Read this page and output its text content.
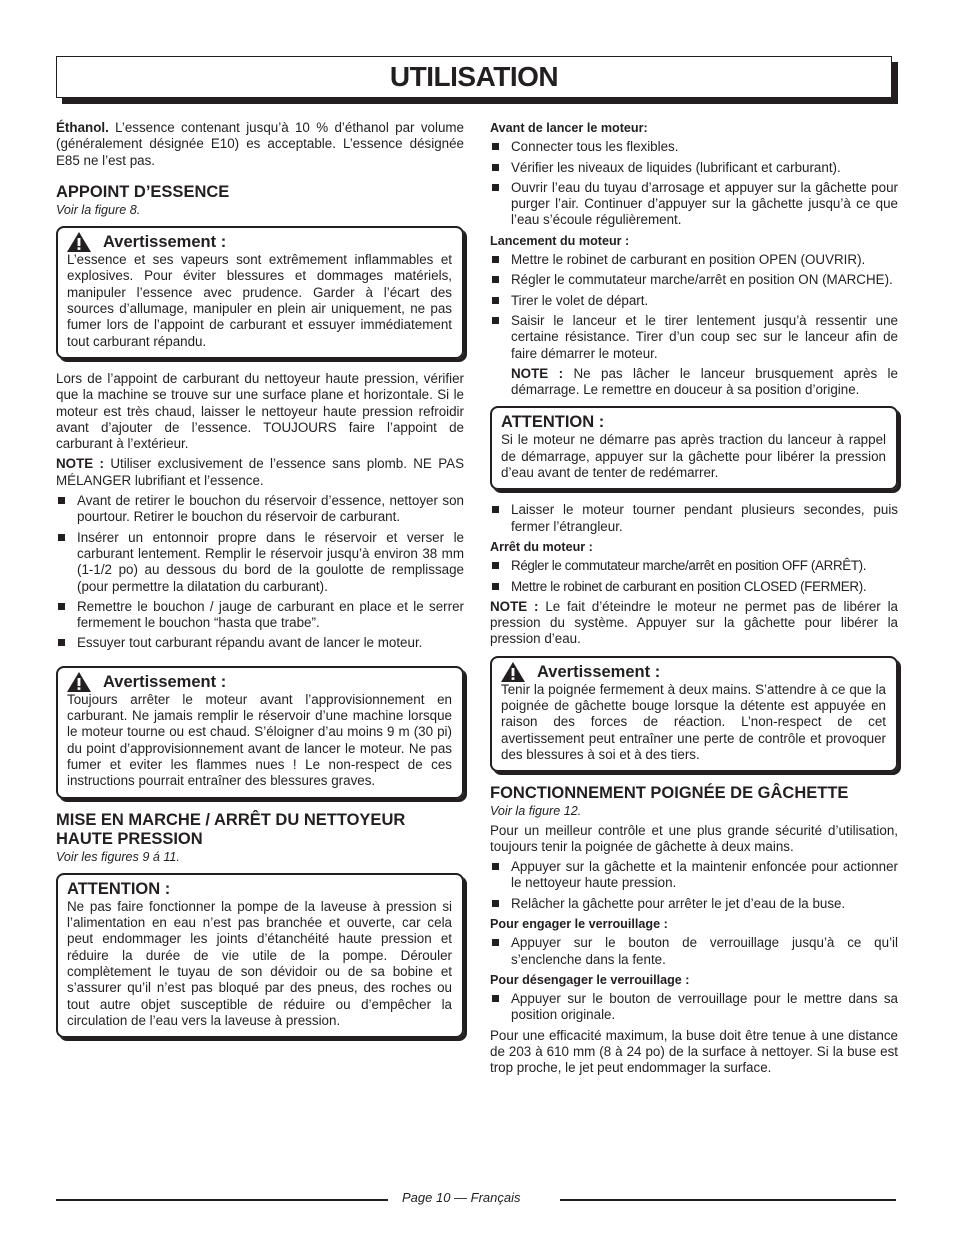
UTILISATION

Éthanol. L’essence contenant jusqu’à 10 % d’éthanol par volume (généralement désignée E10) es acceptable. L’essence désignée E85 ne l’est pas.

APPOINT D’ESSENCE

Voir la figure 8.

Avertissement :

L’essence et ses vapeurs sont extrêmement inflammables et explosives. Pour éviter blessures et dommages matériels, manipuler l’essence avec prudence. Garder à l’écart des sources d’allumage, manipuler en plein air uniquement, ne pas fumer lors de l’appoint de carburant et essuyer immédiatement tout carburant répandu.

Lors de l’appoint de carburant du nettoyeur haute pression, vérifier que la machine se trouve sur une surface plane et horizontale. Si le moteur est très chaud, laisser le nettoyeur haute pression refroidir avant d’ajouter de l’essence. TOUJOURS faire l’appoint de carburant à l’extérieur.

NOTE : Utiliser exclusivement de l’essence sans plomb. NE PAS MÉLANGER lubrifiant et l’essence.

Avant de retirer le bouchon du réservoir d’essence, nettoyer son pourtour. Retirer le bouchon du réservoir de carburant.
Insérer un entonnoir propre dans le réservoir et verser le carburant lentement. Remplir le réservoir jusqu’à environ 38 mm (1-1/2 po) au dessous du bord de la goulotte de remplissage (pour permettre la dilatation du carburant).
Remettre le bouchon / jauge de carburant en place et le serrer fermement le bouchon “hasta que trabe”.
Essuyer tout carburant répandu avant de lancer le moteur.
Avertissement :

Toujours arrêter le moteur avant l’approvisionnement en carburant. Ne jamais remplir le réservoir d’une machine lorsque le moteur tourne ou est chaud. S’éloigner d’au moins 9 m (30 pi) du point d’approvisionnement avant de lancer le moteur. Ne pas fumer et eviter les flammes nues ! Le non-respect de ces instructions pourrait entraîner des blessures graves.

MISE EN MARCHE / ARRÊT DU NETTOYEUR HAUTE PRESSION

Voir les figures 9 á 11.

ATTENTION :

Ne pas faire fonctionner la pompe de la laveuse à pression si l’alimentation en eau n’est pas branchée et ouverte, car cela peut endommager les joints d’étanchéité haute pression et réduire la durée de vie utile de la pompe. Dérouler complètement le tuyau de son dévidoir ou de sa bobine et s’assurer qu’il n’est pas bloqué par des pneus, des roches ou tout autre objet susceptible de réduire ou d’empêcher la circulation de l’eau vers la laveuse à pression.

Avant de lancer le moteur:

Connecter tous les flexibles.
Vérifier les niveaux de liquides (lubrificant et carburant).
Ouvrir l’eau du tuyau d’arrosage et appuyer sur la gâchette pour purger l’air. Continuer d’appuyer sur la gâchette jusqu’à ce que l’eau s’écoule régulièrement.

Lancement du moteur :

Mettre le robinet de carburant en position OPEN (OUVRIR).
Régler le commutateur marche/arrêt en position ON (MARCHE).
Tirer le volet de départ.
Saisir le lanceur et le tirer lentement jusqu’à ressentir une certaine résistance. Tirer d’un coup sec sur le lanceur afin de faire démarrer le moteur.

NOTE : Ne pas lâcher le lanceur brusquement après le démarrage. Le remettre en douceur à sa position d’origine.

ATTENTION :

Si le moteur ne démarre pas après traction du lanceur à rappel de démarrage, appuyer sur la gâchette pour libérer la pression d’eau avant de tenter de redémarrer.

Laisser le moteur tourner pendant plusieurs secondes, puis fermer l’étrangleur.

Arrêt du moteur :

Régler le commutateur marche/arrêt en position OFF (ARRÊT).
Mettre le robinet de carburant en position CLOSED (FERMER).

NOTE : Le fait d’éteindre le moteur ne permet pas de libérer la pression du système. Appuyer sur la gâchette pour libérer la pression d’eau.

Avertissement :

Tenir la poignée fermement à deux mains. S’attendre à ce que la poignée de gâchette bouge lorsque la détente est appuyée en raison des forces de réaction. L’non-respect de cet avertissement peut entraîner une perte de contrôle et provoquer des blessures à soi et à des tiers.

FONCTIONNEMENT POIGNÉE DE GÂCHETTE

Voir la figure 12.

Pour un meilleur contrôle et une plus grande sécurité d’utilisation, toujours tenir la poignée de gâchette à deux mains.

Appuyer sur la gâchette et la maintenir enfoncée pour actionner le nettoyeur haute pression.
Relâcher la gâchette pour arrêter le jet d’eau de la buse.

Pour engager le verrouillage :

Appuyer sur le bouton de verrouillage jusqu’à ce qu’il s’enclenche dans la fente.

Pour désengager le verrouillage :

Appuyer sur le bouton de verrouillage pour le mettre dans sa position originale.

Pour une efficacité maximum, la buse doit être tenue à une distance de 203 à 610 mm (8 à 24 po) de la surface à nettoyer. Si la buse est trop proche, le jet peut endommager la surface.

Page 10 — Français
